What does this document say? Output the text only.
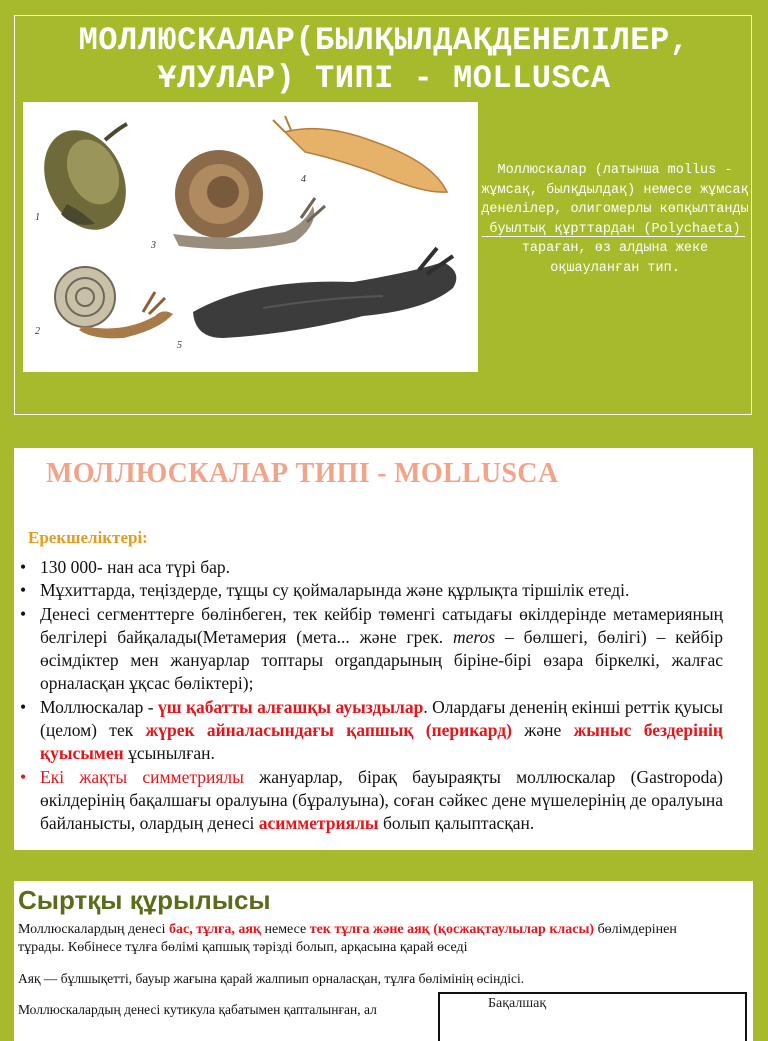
МОЛЛЮСКАЛАР(БЫЛҚЫЛДАҚДЕНЕЛІЛЕР,
ҰЛУЛАР) ТИПІ - MOLLUSCA
1
2
3
4
5
Моллюскалар (латынша mollus - жұмсақ, былқдылдақ) немесе жұмсақ денелілер, олигомерлы көпқылтанды буылтық құрттардан (Polychaeta) тараған, өз алдына жеке оқшауланған тип.
МОЛЛЮСКАЛАР ТИПІ - MOLLUSCA
Ерекшеліктері:
• 130 000- нан аса түрі бар.
• Мұхиттарда, теңіздерде, тұщы су қоймаларында және құрлықта тіршілік етеді.
• Денесі сегменттерге бөлінбеген, тек кейбір төменгі сатыдағы өкілдерінде метамерияның белгілері байқалады(Метамерия (мета... және грек. meros – бөлшегі, бөлігі) – кейбір өсімдіктер мен жануарлар топтары organдарының біріне-бірі өзара біркелкі, жалғас орналасқан ұқсас бөліктері);
• Моллюскалар - үш қабатты алғашқы ауыздылар. Олардағы дененің екінші реттік қуысы (целом) тек жүрек айналасындағы қапшық (перикард) және жыныс бездерінің қуысымен ұсынылған.
• Екі жақты симметриялы жануарлар, бірақ бауыраяқты моллюскалар (Gastropoda) өкілдерінің бақалшағы оралуына (бұралуына), соған сәйкес дене мүшелерінің де оралуына байланысты, олардың денесі асимметриялы болып қалыптасқан.
Сыртқы құрылысы
Моллюскалардың денесі бас, тұлға, аяқ немесе тек тұлға және аяқ (қосжақтаулылар класы) бөлімдерінен тұрады. Көбінесе тұлға бөлімі қапшық тәрізді болып, арқасына қарай өседі
Аяқ — бұлшықетті, бауыр жағына қарай жалпиып орналасқан, тұлға бөлімінің өсіндісі.
Моллюскалардың денесі кутикула қабатымен қапталынған, ал	Бақалшақ
